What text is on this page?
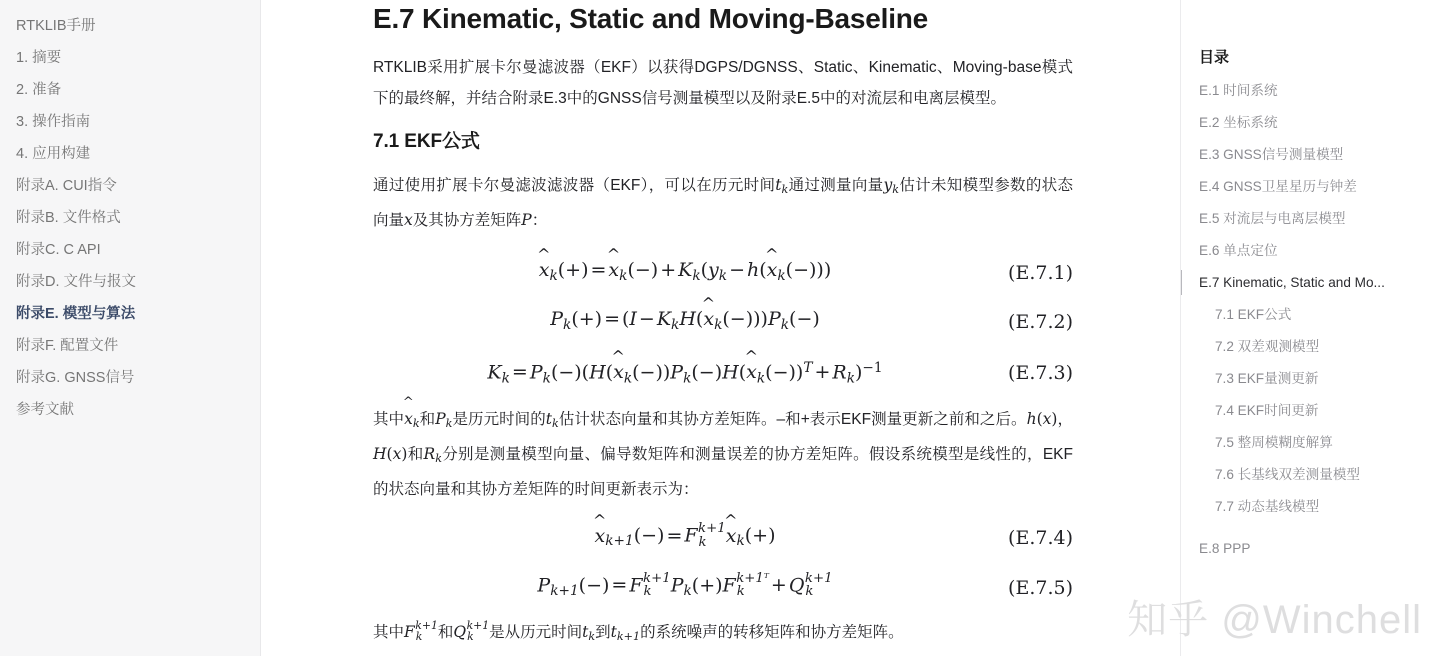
RTKLIB手册
1. 摘要
2. 准备
3. 操作指南
4. 应用构建
附录A. CUI指令
附录B. 文件格式
附录C. C API
附录D. 文件与报文
附录E. 模型与算法
附录F. 配置文件
附录G. GNSS信号
参考文献
E.7 Kinematic, Static and Moving-Baseline

RTKLIB采用扩展卡尔曼滤波器（EKF）以获得DGPS/DGNSS、Static、Kinematic、Moving-base模式下的最终解，并结合附录E.3中的GNSS信号测量模型以及附录E.5中的对流层和电离层模型。

7.1 EKF公式

通过使用扩展卡尔曼滤波滤波器（EKF），可以在历元时间$t_k$通过测量向量$y_k$估计未知模型参数的状态向量x及其协方差矩阵P：

x
^
$_k$(+) = x
^
$_k(-) + K_k(y_k - h(x$
^
$_k$(−)))	(E.7.1)
$P_k(+) = (I - K_kH(x$
^
$_k(-)))P_k(-)$	(E.7.2)
$K_k = P_k(-)(H(x$
^
$_k(-))P_k(-)H(x$
^
$_k(-))^T + R_k)^{-1}$	(E.7.3)

其中x
^
$_k$和$P_k$是历元时间的$t_k$估计状态向量和其协方差矩阵。–和+表示EKF测量更新之前和之后。h(x)，H(x)和$R_k$分别是测量模型向量、偏导数矩阵和测量误差的协方差矩阵。假设系统模型是线性的，EKF的状态向量和其协方差矩阵的时间更新表示为：

x
^
$_{k+1}$(−) = F k+1
k	x
^
$_k$(+)	(E.7.4)
$P_{k+1}(-) = F$ k+1
k	$P_k(+)F$ k+1ᵀ
k	+ Q k+1
k	(E.7.5)

其中F k+1
k 和Q k+1
k 是从历元时间$t_k$到$t_{k+1}$的系统噪声的转移矩阵和协方差矩阵。

目录
E.1 时间系统
E.2 坐标系统
E.3 GNSS信号测量模型
E.4 GNSS卫星星历与钟差
E.5 对流层与电离层模型
E.6 单点定位
E.7 Kinematic, Static and Mo...
7.1 EKF公式
7.2 双差观测模型
7.3 EKF量测更新
7.4 EKF时间更新
7.5 整周模糊度解算
7.6 长基线双差测量模型
7.7 动态基线模型
E.8 PPP
知乎 @Winchell
